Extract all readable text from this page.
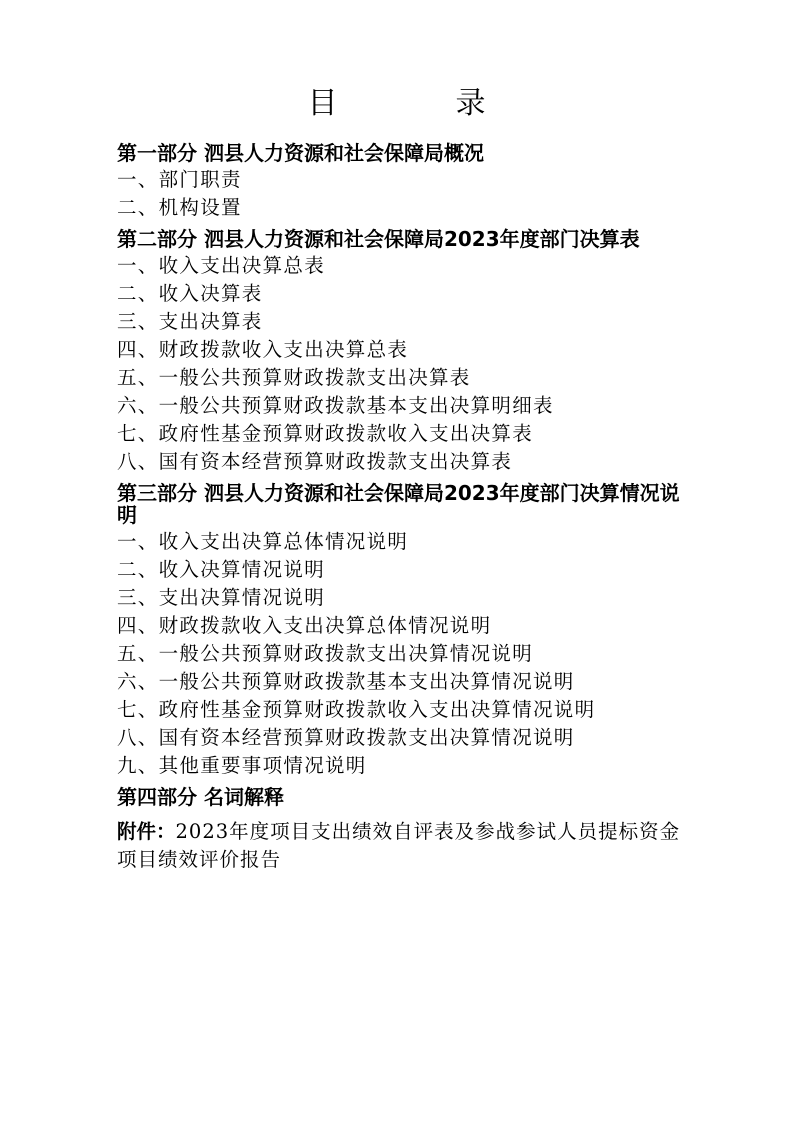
目　录
第一部分 泗县人力资源和社会保障局概况
一、部门职责
二、机构设置
第二部分 泗县人力资源和社会保障局2023年度部门决算表
一、收入支出决算总表
二、收入决算表
三、支出决算表
四、财政拨款收入支出决算总表
五、一般公共预算财政拨款支出决算表
六、一般公共预算财政拨款基本支出决算明细表
七、政府性基金预算财政拨款收入支出决算表
八、国有资本经营预算财政拨款支出决算表
第三部分 泗县人力资源和社会保障局2023年度部门决算情况说明
一、收入支出决算总体情况说明
二、收入决算情况说明
三、支出决算情况说明
四、财政拨款收入支出决算总体情况说明
五、一般公共预算财政拨款支出决算情况说明
六、一般公共预算财政拨款基本支出决算情况说明
七、政府性基金预算财政拨款收入支出决算情况说明
八、国有资本经营预算财政拨款支出决算情况说明
九、其他重要事项情况说明
第四部分 名词解释
附件：2023年度项目支出绩效自评表及参战参试人员提标资金项目绩效评价报告
